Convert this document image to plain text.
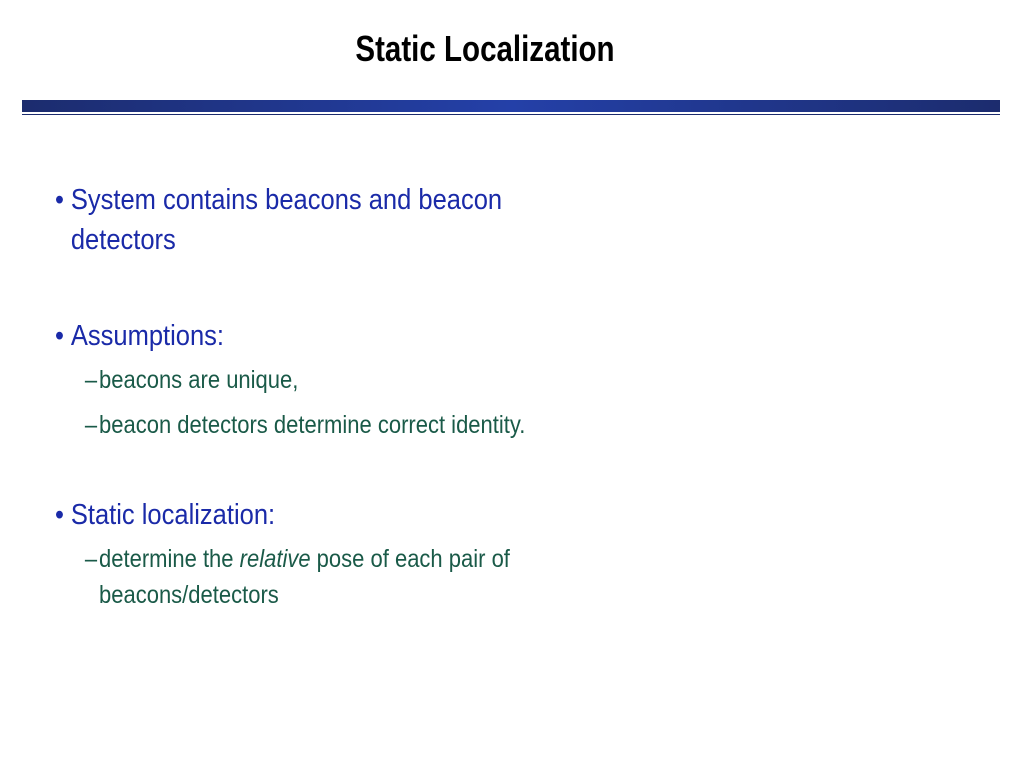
Static Localization
• System contains beacons and beacon detectors
• Assumptions:
– beacons are unique,
– beacon detectors determine correct identity.
• Static localization:
– determine the relative pose of each pair of beacons/detectors
